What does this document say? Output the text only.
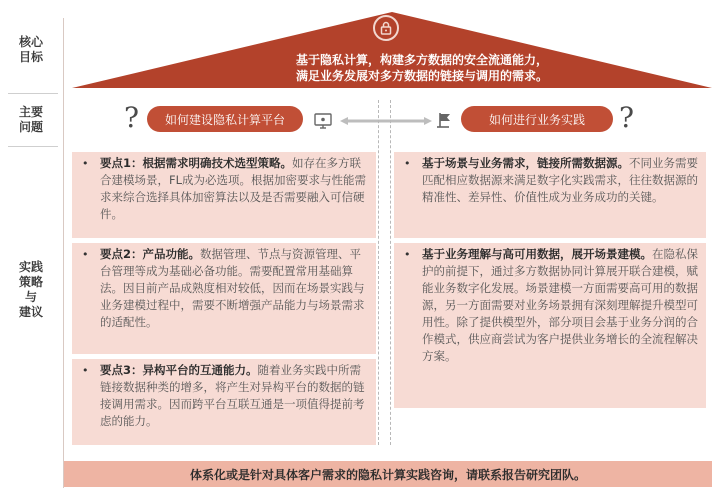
核心
目标
主要
问题
实践
策略
与
建议
基于隐私计算，构建多方数据的安全流通能力，
满足业务发展对多方数据的链接与调用的需求。
?	如何建设隐私计算平台	如何进行业务实践	?
• 要点1：根据需求明确技术选型策略。如存在多方联合建模场景，FL成为必选项。根据加密要求与性能需求来综合选择具体加密算法以及是否需要融入可信硬件。
• 要点2：产品功能。数据管理、节点与资源管理、平台管理等成为基础必备功能。需要配置常用基础算法。因目前产品成熟度相对较低，因而在场景实践与业务建模过程中，需要不断增强产品能力与场景需求的适配性。
• 要点3：异构平台的互通能力。随着业务实践中所需链接数据种类的增多，将产生对异构平台的数据的链接调用需求。因而跨平台互联互通是一项值得提前考虑的能力。
• 基于场景与业务需求，链接所需数据源。不同业务需要匹配相应数据源来满足数字化实践需求，往往数据源的精准性、差异性、价值性成为业务成功的关键。
• 基于业务理解与高可用数据，展开场景建模。在隐私保护的前提下，通过多方数据协同计算展开联合建模，赋能业务数字化发展。场景建模一方面需要高可用的数据源，另一方面需要对业务场景拥有深刻理解提升模型可用性。除了提供模型外，部分项目会基于业务分润的合作模式，供应商尝试为客户提供业务增长的全流程解决方案。
体系化或是针对具体客户需求的隐私计算实践咨询，请联系报告研究团队。
